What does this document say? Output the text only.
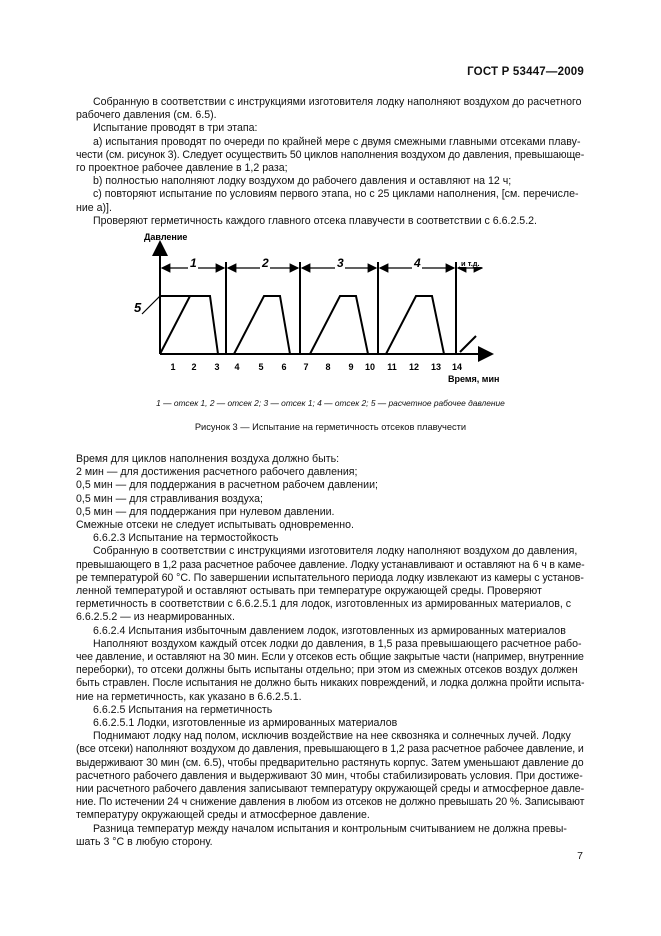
ГОСТ Р 53447—2009

Собранную в соответствии с инструкциями изготовителя лодку наполняют воздухом до расчетного

рабочего давления (см. 6.5).

Испытание проводят в три этапа:

а) испытания проводят по очереди по крайней мере с двумя смежными главными отсеками плаву-

чести (см. рисунок 3). Следует осуществить 50 циклов наполнения воздухом до давления, превышающе-

го проектное рабочее давление в 1,2 раза;

b) полностью наполняют лодку воздухом до рабочего давления и оставляют на 12 ч;

c) повторяют испытание по условиям первого этапа, но с 25 циклами наполнения, [см. перечисле-

ние а)].

Проверяют герметичность каждого главного отсека плавучести в соответствии с 6.6.2.5.2.

Давление
Время, мин
1	2	3	4	и т.д.
5
1 2 3 4 5 6 7 8 9 10 11 12 13 14
1 — отсек 1, 2 — отсек 2; 3 — отсек 1; 4 — отсек 2; 5 — расчетное рабочее давление
Рисунок 3 — Испытание на герметичность отсеков плавучести

Время для циклов наполнения воздуха должно быть:

2 мин — для достижения расчетного рабочего давления;

0,5 мин — для поддержания в расчетном рабочем давлении;

0,5 мин — для стравливания воздуха;

0,5 мин — для поддержания при нулевом давлении.

Смежные отсеки не следует испытывать одновременно.

6.6.2.3 Испытание на термостойкость

Собранную в соответствии с инструкциями изготовителя лодку наполняют воздухом до давления,

превышающего в 1,2 раза расчетное рабочее давление. Лодку устанавливают и оставляют на 6 ч в каме-

ре температурой 60 °С. По завершении испытательного периода лодку извлекают из камеры с установ-

ленной температурой и оставляют остывать при температуре окружающей среды. Проверяют

герметичность в соответствии с 6.6.2.5.1 для лодок, изготовленных из армированных материалов, с

6.6.2.5.2 — из неармированных.

6.6.2.4 Испытания избыточным давлением лодок, изготовленных из армированных материалов

Наполняют воздухом каждый отсек лодки до давления, в 1,5 раза превышающего расчетное рабо-

чее давление, и оставляют на 30 мин. Если у отсеков есть общие закрытые части (например, внутренние

переборки), то отсеки должны быть испытаны отдельно; при этом из смежных отсеков воздух должен

быть стравлен. После испытания не должно быть никаких повреждений, и лодка должна пройти испыта-

ние на герметичность, как указано в 6.6.2.5.1.

6.6.2.5 Испытания на герметичность

6.6.2.5.1 Лодки, изготовленные из армированных материалов

Поднимают лодку над полом, исключив воздействие на нее сквозняка и солнечных лучей. Лодку

(все отсеки) наполняют воздухом до давления, превышающего в 1,2 раза расчетное рабочее давление, и

выдерживают 30 мин (см. 6.5), чтобы предварительно растянуть корпус. Затем уменьшают давление до

расчетного рабочего давления и выдерживают 30 мин, чтобы стабилизировать условия. При достиже-

нии расчетного рабочего давления записывают температуру окружающей среды и атмосферное давле-

ние. По истечении 24 ч снижение давления в любом из отсеков не должно превышать 20 %. Записывают

температуру окружающей среды и атмосферное давление.

Разница температур между началом испытания и контрольным считыванием не должна превы-

шать 3 °С в любую сторону.

7
